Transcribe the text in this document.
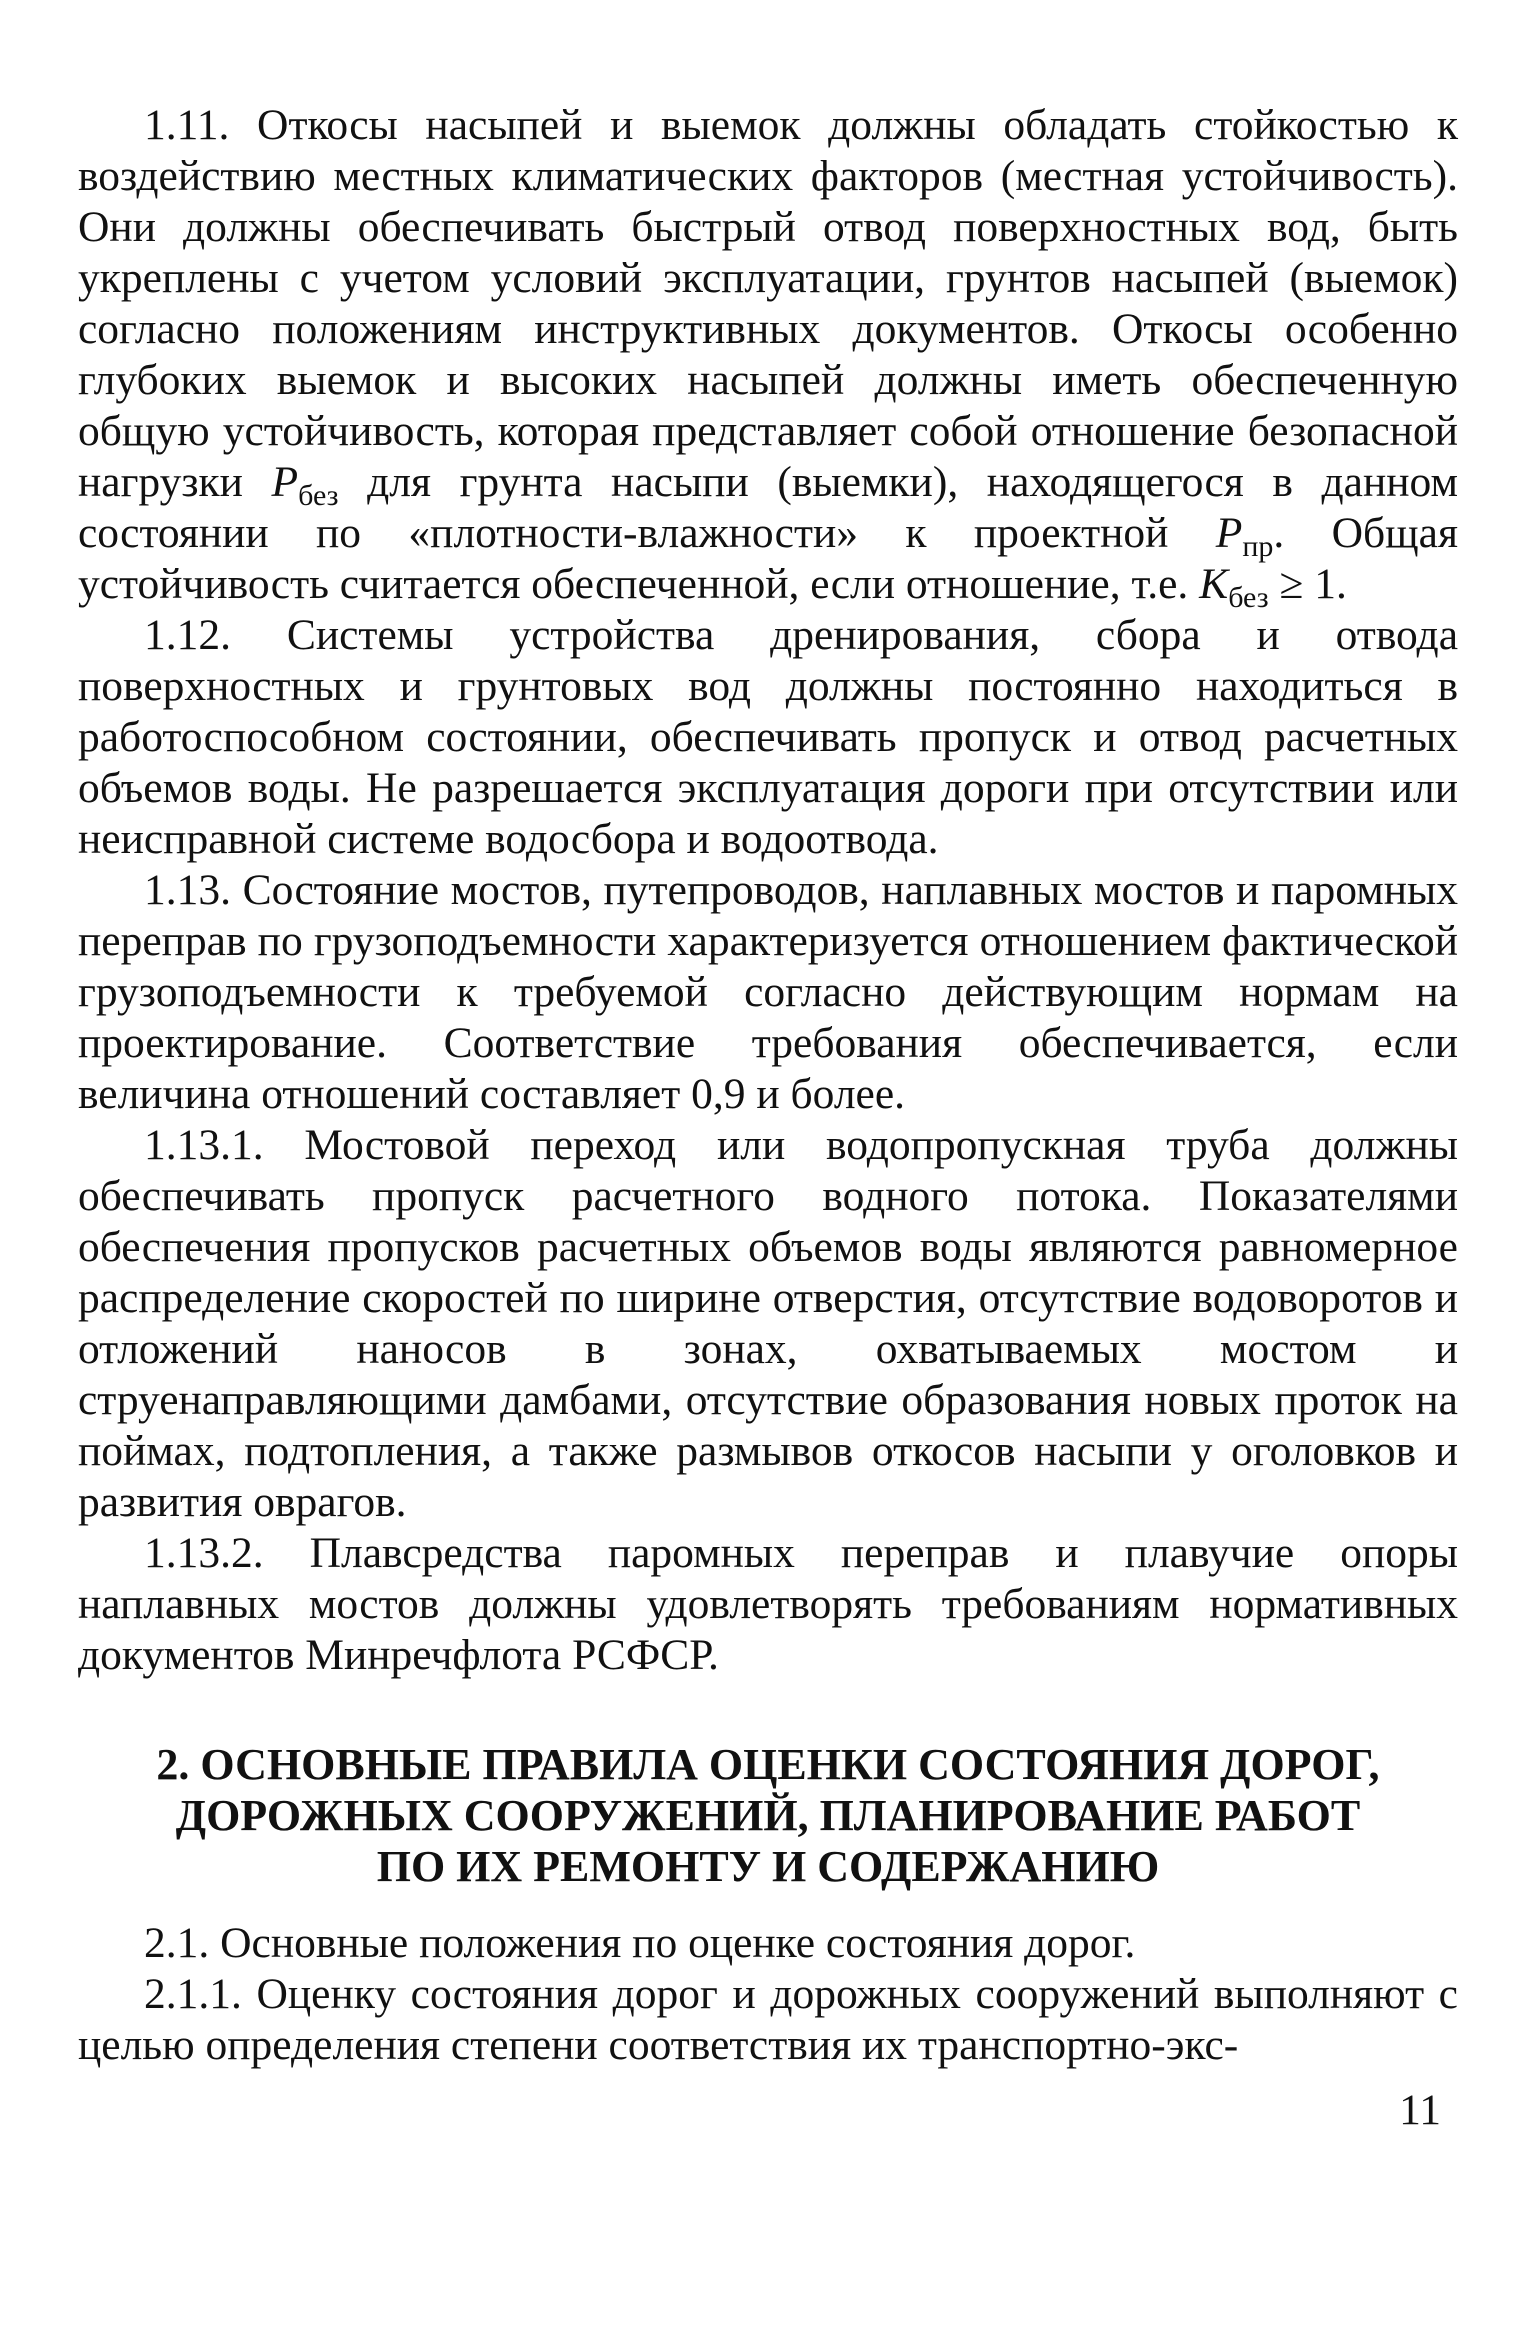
1.11. Откосы насыпей и выемок должны обладать стойкостью к воздействию местных климатических факторов (местная устойчивость). Они должны обеспечивать быстрый отвод поверхностных вод, быть укреплены с учетом условий эксплуатации, грунтов насыпей (выемок) согласно положениям инструктивных документов. Откосы особенно глубоких выемок и высоких насыпей должны иметь обеспеченную общую устойчивость, которая представляет собой отношение безопасной нагрузки $P_{без}$ для грунта насыпи (выемки), находящегося в данном состоянии по «плотности-влажности» к проектной $P_{пр}$. Общая устойчивость считается обеспеченной, если отношение, т.е. $K_{без} \ge 1$.

1.12. Системы устройства дренирования, сбора и отвода поверхностных и грунтовых вод должны постоянно находиться в работоспособном состоянии, обеспечивать пропуск и отвод расчетных объемов воды. Не разрешается эксплуатация дороги при отсутствии или неисправной системе водосбора и водоотвода.

1.13. Состояние мостов, путепроводов, наплавных мостов и паромных переправ по грузоподъемности характеризуется отношением фактической грузоподъемности к требуемой согласно действующим нормам на проектирование. Соответствие требования обеспечивается, если величина отношений составляет 0,9 и более.

1.13.1. Мостовой переход или водопропускная труба должны обеспечивать пропуск расчетного водного потока. Показателями обеспечения пропусков расчетных объемов воды являются равномерное распределение скоростей по ширине отверстия, отсутствие водоворотов и отложений наносов в зонах, охватываемых мостом и струенаправляющими дамбами, отсутствие образования новых проток на поймах, подтопления, а также размывов откосов насыпи у оголовков и развития оврагов.

1.13.2. Плавсредства паромных переправ и плавучие опоры наплавных мостов должны удовлетворять требованиям нормативных документов Минречфлота РСФСР.

2. ОСНОВНЫЕ ПРАВИЛА ОЦЕНКИ СОСТОЯНИЯ ДОРОГ,
ДОРОЖНЫХ СООРУЖЕНИЙ, ПЛАНИРОВАНИЕ РАБОТ
ПО ИХ РЕМОНТУ И СОДЕРЖАНИЮ

2.1. Основные положения по оценке состояния дорог.

2.1.1. Оценку состояния дорог и дорожных сооружений выполняют с целью определения степени соответствия их транспортно-экс-

11
